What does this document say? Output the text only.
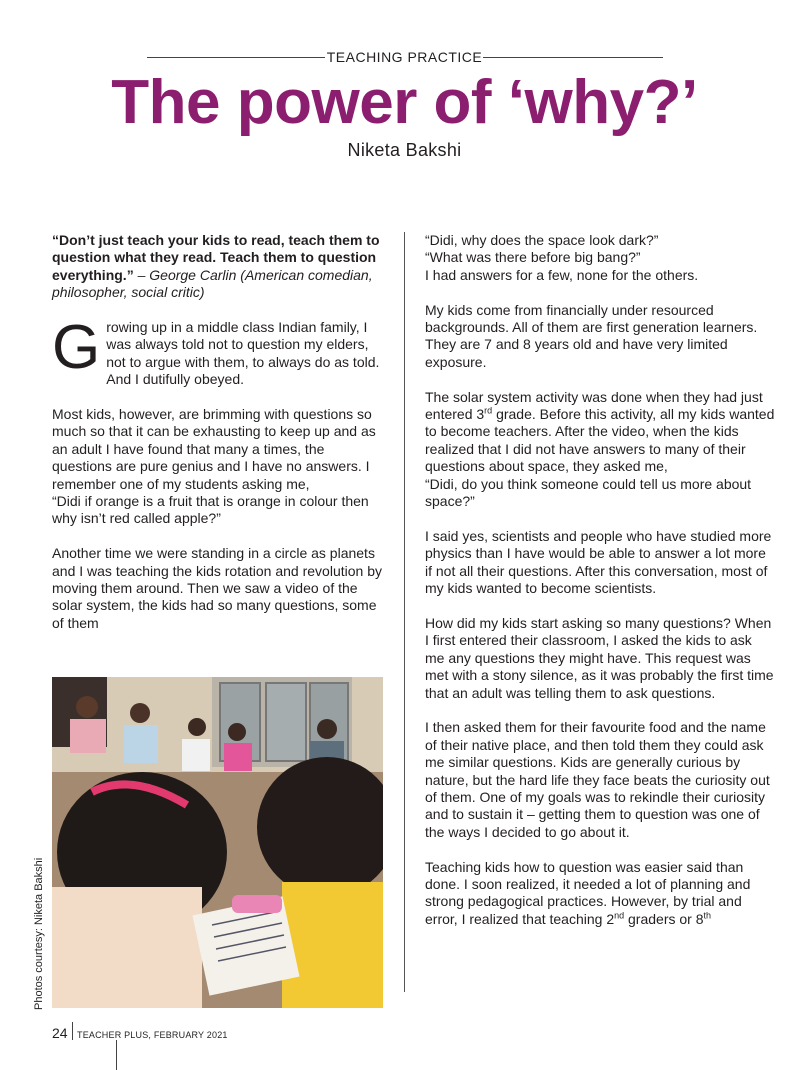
TEACHING PRACTICE
The power of ‘why?’
Niketa Bakshi

“Don’t just teach your kids to read, teach them to question what they read. Teach them to question everything.” – George Carlin (American comedian, philosopher, social critic)

Growing up in a middle class Indian family, I was always told not to question my elders, not to argue with them, to always do as told. And I dutifully obeyed.

Most kids, however, are brimming with questions so much so that it can be exhausting to keep up and as an adult I have found that many a times, the questions are pure genius and I have no answers. I remember one of my students asking me,
“Didi if orange is a fruit that is orange in colour then why isn’t red called apple?”

Another time we were standing in a circle as planets and I was teaching the kids rotation and revolution by moving them around. Then we saw a video of the solar system, the kids had so many questions, some of them

“Didi, why does the space look dark?”
“What was there before big bang?”
I had answers for a few, none for the others.

My kids come from financially under resourced backgrounds. All of them are first generation learners. They are 7 and 8 years old and have very limited exposure.

The solar system activity was done when they had just entered 3rd grade. Before this activity, all my kids wanted to become teachers. After the video, when the kids realized that I did not have answers to many of their questions about space, they asked me,
“Didi, do you think someone could tell us more about space?”

I said yes, scientists and people who have studied more physics than I have would be able to answer a lot more if not all their questions. After this conversation, most of my kids wanted to become scientists.

How did my kids start asking so many questions? When I first entered their classroom, I asked the kids to ask me any questions they might have. This request was met with a stony silence, as it was probably the first time that an adult was telling them to ask questions.

I then asked them for their favourite food and the name of their native place, and then told them they could ask me similar questions. Kids are generally curious by nature, but the hard life they face beats the curiosity out of them. One of my goals was to rekindle their curiosity and to sustain it – getting them to question was one of the ways I decided to go about it.

Teaching kids how to question was easier said than done. I soon realized, it needed a lot of planning and strong pedagogical practices. However, by trial and error, I realized that teaching 2nd graders or 8th

Photos courtesy: Niketa Bakshi
24 TEACHER PLUS, FEBRUARY 2021
